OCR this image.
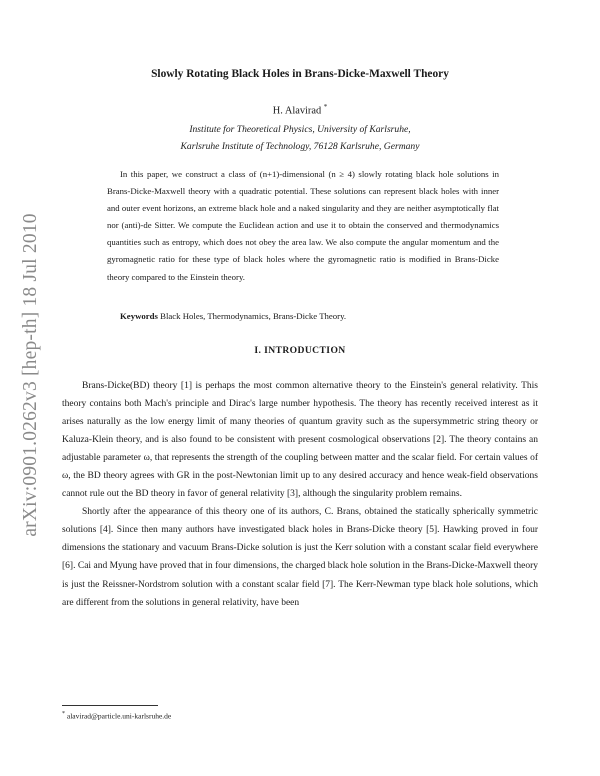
arXiv:0901.0262v3 [hep-th] 18 Jul 2010
Slowly Rotating Black Holes in Brans-Dicke-Maxwell Theory
H. Alavirad *
Institute for Theoretical Physics, University of Karlsruhe,
Karlsruhe Institute of Technology, 76128 Karlsruhe, Germany

In this paper, we construct a class of (n+1)-dimensional (n ≥ 4) slowly rotating black hole solutions in Brans-Dicke-Maxwell theory with a quadratic potential. These solutions can represent black holes with inner and outer event horizons, an extreme black hole and a naked singularity and they are neither asymptotically flat nor (anti)-de Sitter. We compute the Euclidean action and use it to obtain the conserved and thermodynamics quantities such as entropy, which does not obey the area law. We also compute the angular momentum and the gyromagnetic ratio for these type of black holes where the gyromagnetic ratio is modified in Brans-Dicke theory compared to the Einstein theory.

Keywords Black Holes, Thermodynamics, Brans-Dicke Theory.
I. INTRODUCTION

Brans-Dicke(BD) theory [1] is perhaps the most common alternative theory to the Einstein's general relativity. This theory contains both Mach's principle and Dirac's large number hypothesis. The theory has recently received interest as it arises naturally as the low energy limit of many theories of quantum gravity such as the supersymmetric string theory or Kaluza-Klein theory, and is also found to be consistent with present cosmological observations [2]. The theory contains an adjustable parameter ω, that represents the strength of the coupling between matter and the scalar field. For certain values of ω, the BD theory agrees with GR in the post-Newtonian limit up to any desired accuracy and hence weak-field observations cannot rule out the BD theory in favor of general relativity [3], although the singularity problem remains.

Shortly after the appearance of this theory one of its authors, C. Brans, obtained the statically spherically symmetric solutions [4]. Since then many authors have investigated black holes in Brans-Dicke theory [5]. Hawking proved in four dimensions the stationary and vacuum Brans-Dicke solution is just the Kerr solution with a constant scalar field everywhere [6]. Cai and Myung have proved that in four dimensions, the charged black hole solution in the Brans-Dicke-Maxwell theory is just the Reissner-Nordstrom solution with a constant scalar field [7]. The Kerr-Newman type black hole solutions, which are different from the solutions in general relativity, have been

* alavirad@particle.uni-karlsruhe.de
